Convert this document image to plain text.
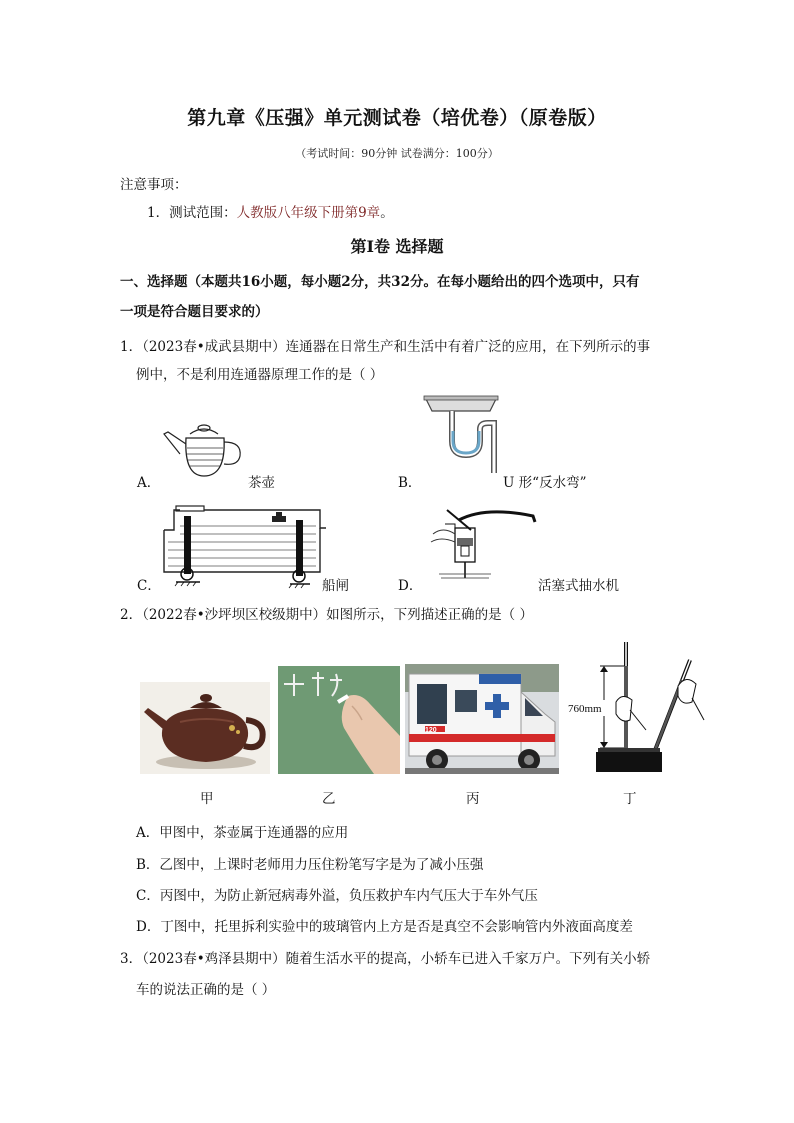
第九章《压强》单元测试卷（培优卷）（原卷版）
（考试时间：90分钟 试卷满分：100分）
注意事项：
1．测试范围：人教版八年级下册第9章。
第Ⅰ卷 选择题
一、选择题（本题共16小题，每小题2分，共32分。在每小题给出的四个选项中，只有
一项是符合题目要求的）
1．（2023春•成武县期中）连通器在日常生产和生活中有着广泛的应用，在下列所示的事
例中，不是利用连通器原理工作的是（ ）
A．	茶壶	B．	U 形“反水弯”
C．	船闸	D．	活塞式抽水机
2．（2022春•沙坪坝区校级期中）如图所示，下列描述正确的是（ ）
120
760mm
甲	乙	丙	丁
A．甲图中，茶壶属于连通器的应用
B．乙图中，上课时老师用力压住粉笔写字是为了减小压强
C．丙图中，为防止新冠病毒外溢，负压救护车内气压大于车外气压
D．丁图中，托里拆利实验中的玻璃管内上方是否是真空不会影响管内外液面高度差
3．（2023春•鸡泽县期中）随着生活水平的提高，小轿车已进入千家万户。下列有关小轿
车的说法正确的是（ ）
